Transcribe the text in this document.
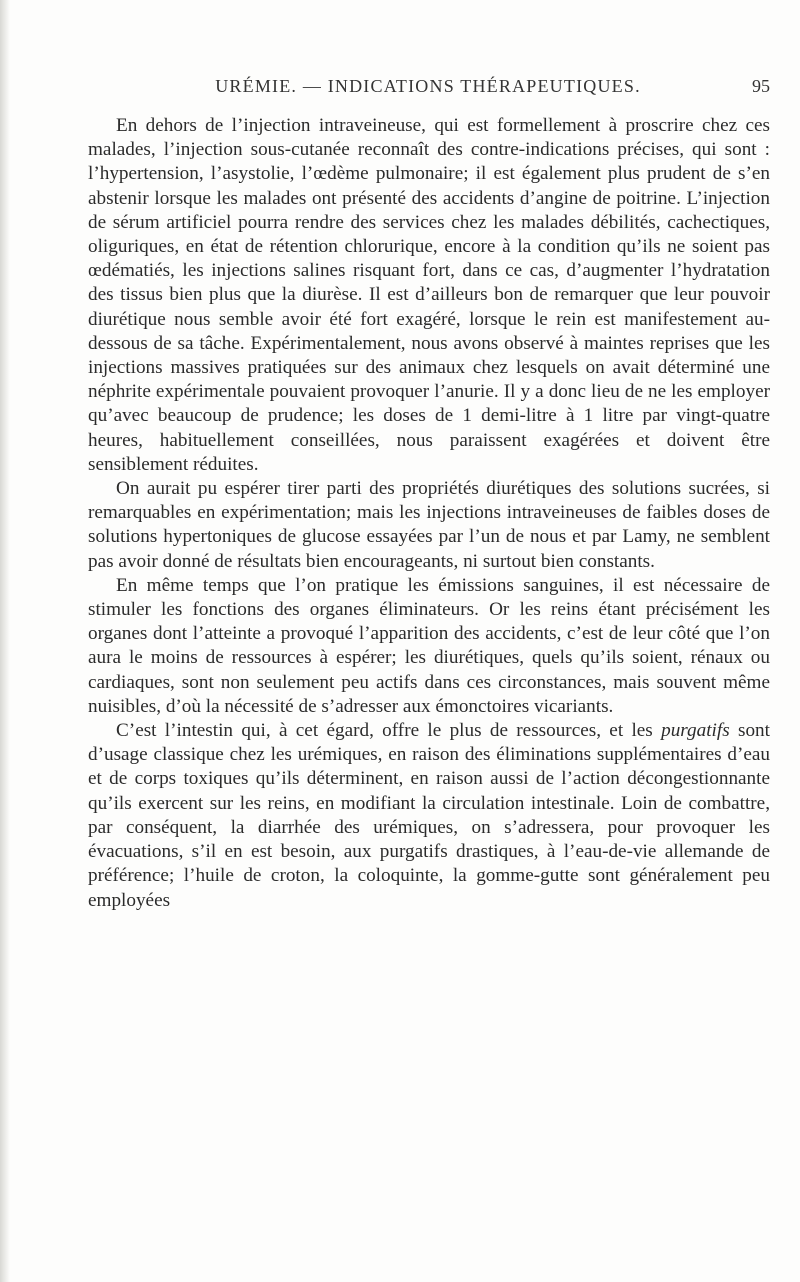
URÉMIE. — INDICATIONS THÉRAPEUTIQUES.	95

En dehors de l’injection intraveineuse, qui est formellement à proscrire chez ces malades, l’injection sous-cutanée reconnaît des contre-indications précises, qui sont : l’hypertension, l’asystolie, l’œdème pulmonaire; il est également plus prudent de s’en abstenir lorsque les malades ont présenté des accidents d’angine de poitrine. L’injection de sérum artificiel pourra rendre des services chez les malades débilités, cachectiques, oliguriques, en état de rétention chlorurique, encore à la condition qu’ils ne soient pas œdématiés, les injections salines risquant fort, dans ce cas, d’augmenter l’hydratation des tissus bien plus que la diurèse. Il est d’ailleurs bon de remarquer que leur pouvoir diurétique nous semble avoir été fort exagéré, lorsque le rein est manifestement au-dessous de sa tâche. Expérimentalement, nous avons observé à maintes reprises que les injections massives pratiquées sur des animaux chez lesquels on avait déterminé une néphrite expérimentale pouvaient provoquer l’anurie. Il y a donc lieu de ne les employer qu’avec beaucoup de prudence; les doses de 1 demi-litre à 1 litre par vingt-quatre heures, habituellement conseillées, nous paraissent exagérées et doivent être sensiblement réduites.

On aurait pu espérer tirer parti des propriétés diurétiques des solutions sucrées, si remarquables en expérimentation; mais les injections intraveineuses de faibles doses de solutions hypertoniques de glucose essayées par l’un de nous et par Lamy, ne semblent pas avoir donné de résultats bien encourageants, ni surtout bien constants.

En même temps que l’on pratique les émissions sanguines, il est nécessaire de stimuler les fonctions des organes éliminateurs. Or les reins étant précisément les organes dont l’atteinte a provoqué l’apparition des accidents, c’est de leur côté que l’on aura le moins de ressources à espérer; les diurétiques, quels qu’ils soient, rénaux ou cardiaques, sont non seulement peu actifs dans ces circonstances, mais souvent même nuisibles, d’où la nécessité de s’adresser aux émonctoires vicariants.

C’est l’intestin qui, à cet égard, offre le plus de ressources, et les purgatifs sont d’usage classique chez les urémiques, en raison des éliminations supplémentaires d’eau et de corps toxiques qu’ils déterminent, en raison aussi de l’action décongestionnante qu’ils exercent sur les reins, en modifiant la circulation intestinale. Loin de combattre, par conséquent, la diarrhée des urémiques, on s’adressera, pour provoquer les évacuations, s’il en est besoin, aux purgatifs drastiques, à l’eau-de-vie allemande de préférence; l’huile de croton, la coloquinte, la gomme-gutte sont généralement peu employées
